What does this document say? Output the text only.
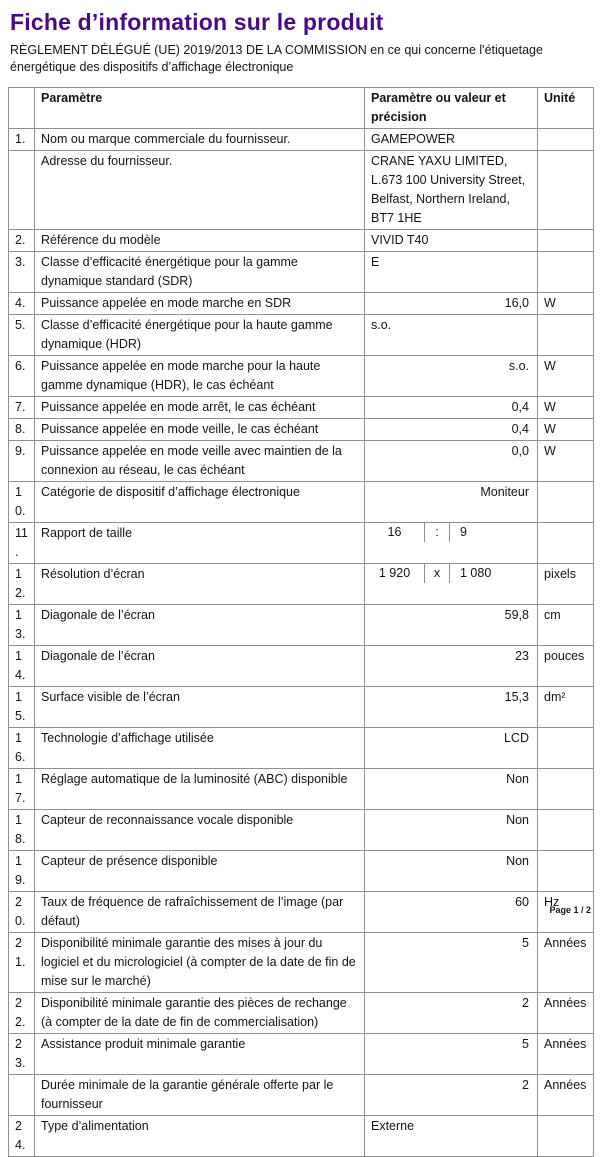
Fiche d’information sur le produit
RÈGLEMENT DÉLÉGUÉ (UE) 2019/2013 DE LA COMMISSION en ce qui concerne l'étiquetage énergétique des dispositifs d’affichage électronique
	Paramètre	Paramètre ou valeur et précision	Unité
1.	Nom ou marque commerciale du fournisseur.	GAMEPOWER	
	Adresse du fournisseur.	CRANE YAXU LIMITED, L.673 100 University Street, Belfast, Northern Ireland, BT7 1HE	
2.	Référence du modèle	VIVID T40	
3.	Classe d’efficacité énergétique pour la gamme dynamique standard (SDR)	E	
4.	Puissance appelée en mode marche en SDR	16,0	W
5.	Classe d’efficacité énergétique pour la haute gamme dynamique (HDR)	s.o.	
6.	Puissance appelée en mode marche pour la haute gamme dynamique (HDR), le cas échéant	s.o.	W
7.	Puissance appelée en mode arrêt, le cas échéant	0,4	W
8.	Puissance appelée en mode veille, le cas échéant	0,4	W
9.	Puissance appelée en mode veille avec maintien de la connexion au réseau, le cas échéant	0,0	W
10.	Catégorie de dispositif d’affichage électronique	Moniteur	
11.	Rapport de taille	16 : 9	

12.	Résolution d’écran	1 920 x 1 080	pixels
13.	Diagonale de l’écran	59,8	cm
14.	Diagonale de l’écran	23	pouces
15.	Surface visible de l’écran	15,3	dm²
16.	Technologie d’affichage utilisée	LCD	
17.	Réglage automatique de la luminosité (ABC) disponible	Non	
18.	Capteur de reconnaissance vocale disponible	Non	
19.	Capteur de présence disponible	Non	
20.	Taux de fréquence de rafraîchissement de l’image (par défaut)	60	Hz
21.	Disponibilité minimale garantie des mises à jour du logiciel et du micrologiciel (à compter de la date de fin de mise sur le marché)	5	Années
22.	Disponibilité minimale garantie des pièces de rechange (à compter de la date de fin de commercialisation)	2	Années
23.	Assistance produit minimale garantie	5	Années
	Durée minimale de la garantie générale offerte par le fournisseur	2	Années
24.	Type d’alimentation	Externe	
Page 1 / 2
